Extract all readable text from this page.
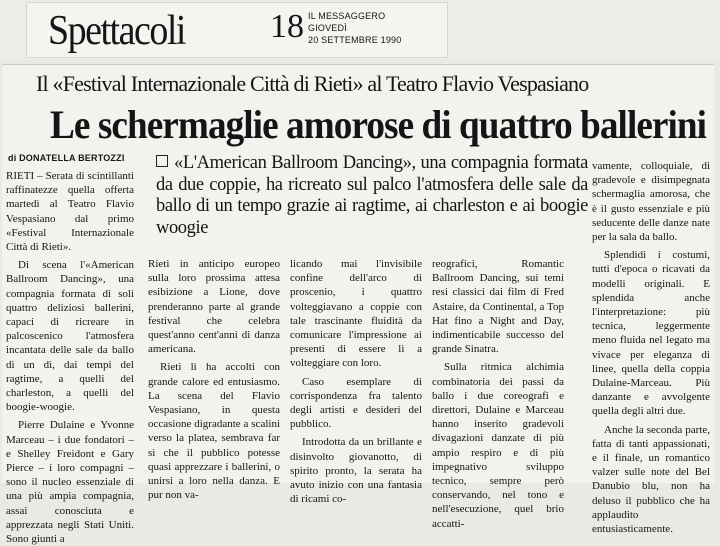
Spettacoli	18 IL MESSAGGERO
GIOVEDÌ
20 SETTEMBRE 1990
Il «Festival Internazionale Città di Rieti» al Teatro Flavio Vespasiano
Le schermaglie amorose di quattro ballerini
di DONATELLA BERTOZZI	«L'American Ballroom Dancing», una compagnia formata da due coppie, ha ricreato sul palco l'atmosfera delle sale da ballo di un tempo grazie ai ragtime, ai charleston e ai boogie woogie

RIETI – Serata di scintillanti raffinatezze quella offerta martedì al Teatro Flavio Vespasiano dal primo «Festival Internazionale Città di Rieti».

Di scena l'«American Ballroom Dancing», una compagnia formata di soli quattro deliziosi ballerini, capaci di ricreare in palcoscenico l'atmosfera incantata delle sale da ballo di un dì, dai tempi del ragtime, a quelli del charleston, a quelli del boogie-woogie.

Pierre Dulaine e Yvonne Marceau – i due fondatori – e Shelley Freidont e Gary Pierce – i loro compagni – sono il nucleo essenziale di una più ampia compagnia, assai conosciuta e apprezzata negli Stati Uniti. Sono giunti a

Rieti in anticipo europeo sulla loro prossima attesa esibizione a Lione, dove prenderanno parte al grande festival che celebra quest'anno cent'anni di danza americana.

Rieti li ha accolti con grande calore ed entusiasmo. La scena del Flavio Vespasiano, in questa occasione digradante a scalini verso la platea, sembrava far sì che il pubblico potesse quasi apprezzare i ballerini, o unirsi a loro nella danza. E pur non va-

licando mai l'invisibile confine dell'arco di proscenio, i quattro volteggiavano a coppie con tale trascinante fluidità da comunicare l'impressione ai presenti di essere lì a volteggiare con loro.

Caso esemplare di corrispondenza fra talento degli artisti e desideri del pubblico.

Introdotta da un brillante e disinvolto giovanotto, di spirito pronto, la serata ha avuto inizio con una fantasia di ricami co-

reografici, Romantic Ballroom Dancing, sui temi resi classici dai film di Fred Astaire, da Continental, a Top Hat fino a Night and Day, indimenticabile successo del grande Sinatra.

Sulla ritmica alchimia combinatoria dei passi da ballo i due coreografi e direttori, Dulaine e Marceau hanno inserito gradevoli divagazioni danzate di più ampio respiro e di più impegnativo sviluppo tecnico, sempre però conservando, nel tono e nell'esecuzione, quel brio accatti-

vamente, colloquiale, di gradevole e disimpegnata schermaglia amorosa, che è il gusto essenziale e più seducente delle danze nate per la sala da ballo.

Splendidi i costumi, tutti d'epoca o ricavati da modelli originali. E splendida anche l'interpretazione: più tecnica, leggermente meno fluida nel legato ma vivace per eleganza di linee, quella della coppia Dulaine-Marceau. Più danzante e avvolgente quella degli altri due.

Anche la seconda parte, fatta di tanti appassionati, e il finale, un romantico valzer sulle note del Bel Danubio blu, non ha deluso il pubblico che ha applaudito entusiasticamente.
